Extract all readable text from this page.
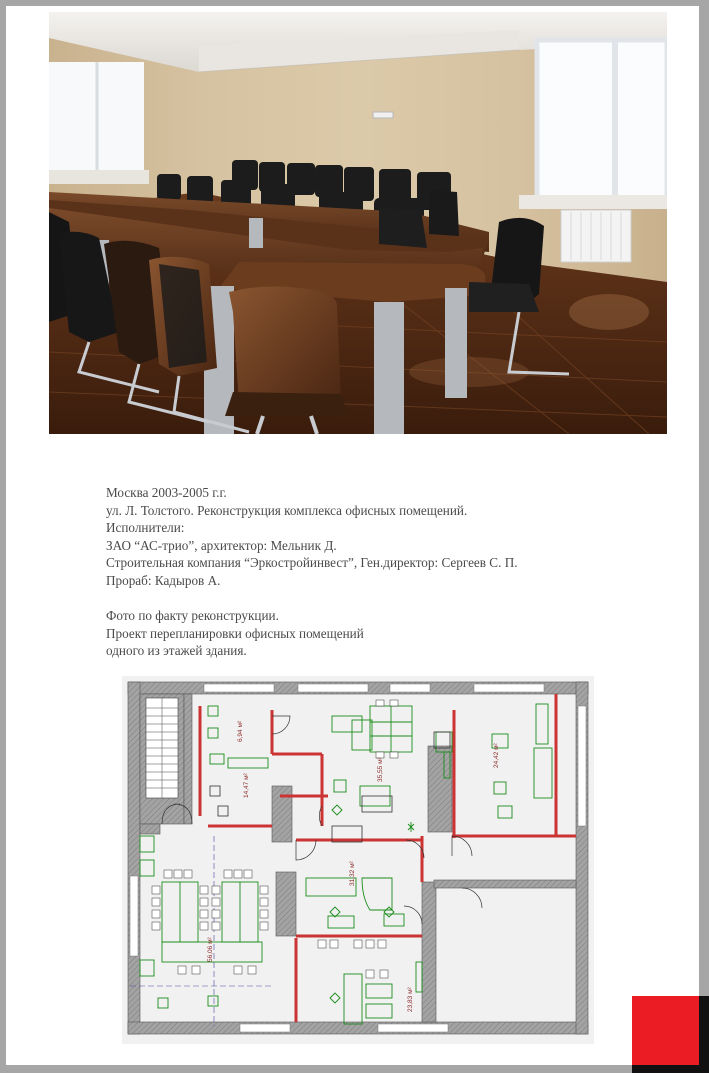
Москва 2003-2005 г.г.
ул. Л. Толстого. Реконструкция комплекса офисных помещений.
Исполнители:
ЗАО “АС-трио”, архитектор: Мельник Д.
Строительная компания “Эркостройинвест”, Ген.директор: Сергеев С. П.
Прораб: Кадыров А.
Фото по факту реконструкции.
Проект перепланировки офисных помещений
одного из этажей здания.
6,94 м²
14,47 м²
35,55 м²
24,42 м²
56,06 м²
31,32 м²
23,83 м²
